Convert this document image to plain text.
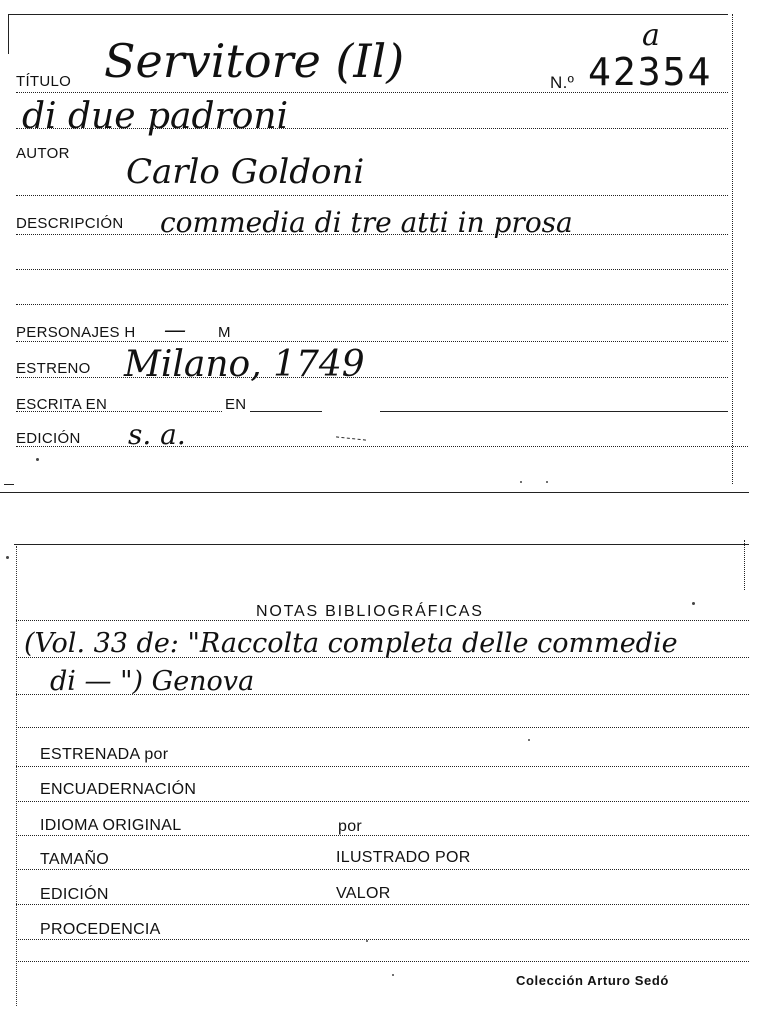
TÍTULO Servitore (Il)	N.º
a
42354
di due padroni
AUTOR Carlo Goldoni
DESCRIPCIÓN commedia di tre atti in prosa
PERSONAJES H — M
ESTRENO Milano, 1749
ESCRITA EN	EN
EDICIÓN s. a.
NOTAS BIBLIOGRÁFICAS
(Vol. 33 de: "Raccolta completa delle commedie
di — ") Genova
ESTRENADA por
ENCUADERNACIÓN
IDIOMA ORIGINAL	por
TAMAÑO	ILUSTRADO POR
EDICIÓN	VALOR
PROCEDENCIA
Colección Arturo Sedó
